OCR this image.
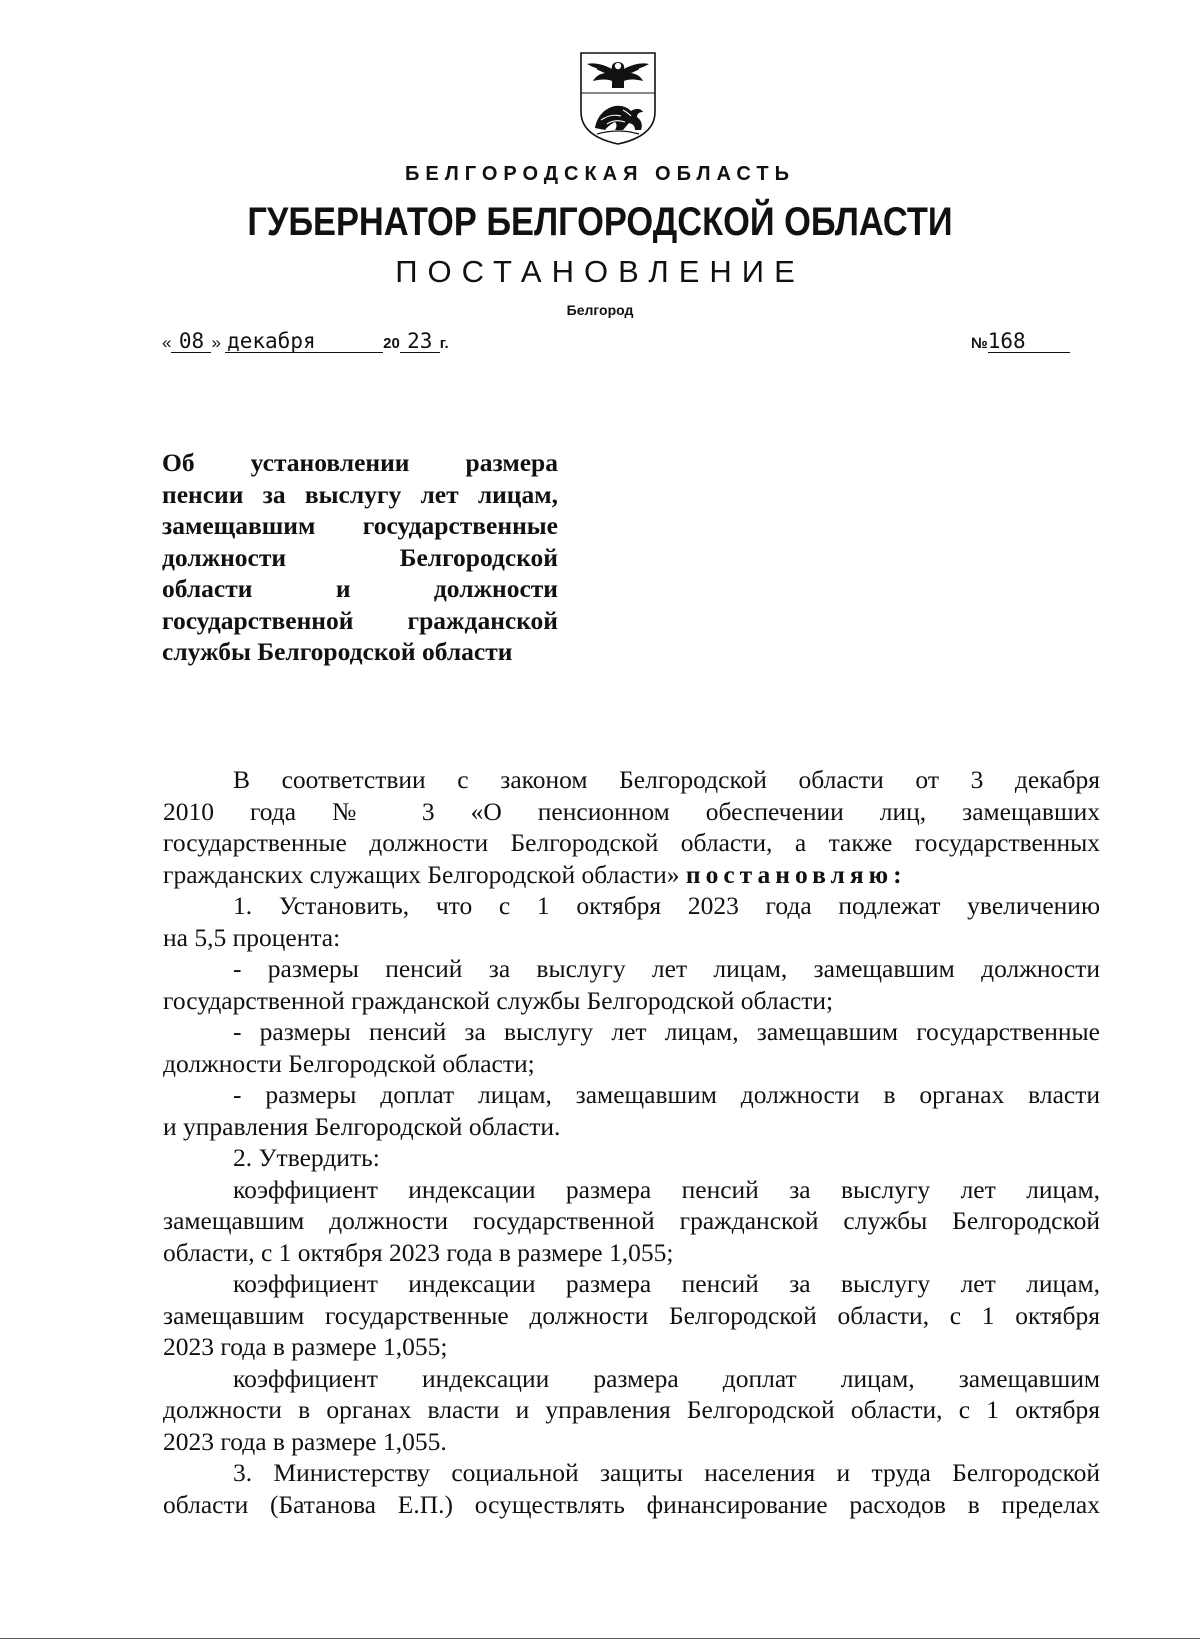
БЕЛГОРОДСКАЯ ОБЛАСТЬ
ГУБЕРНАТОР БЕЛГОРОДСКОЙ ОБЛАСТИ
ПОСТАНОВЛЕНИЕ
Белгород
« 08 » декабря	20 23 г.	№168
Об установлении размера
пенсии за выслугу лет лицам,
замещавшим государственные
должности Белгородской
области и должности
государственной гражданской
службы Белгородской области
В соответствии с законом Белгородской области от 3 декабря
2010 года № 3 «О пенсионном обеспечении лиц, замещавших
государственные должности Белгородской области, а также государственных
гражданских служащих Белгородской области» постановляю:
1. Установить, что с 1 октября 2023 года подлежат увеличению
на 5,5 процента:
- размеры пенсий за выслугу лет лицам, замещавшим должности
государственной гражданской службы Белгородской области;
- размеры пенсий за выслугу лет лицам, замещавшим государственные
должности Белгородской области;
- размеры доплат лицам, замещавшим должности в органах власти
и управления Белгородской области.
2. Утвердить:
коэффициент индексации размера пенсий за выслугу лет лицам,
замещавшим должности государственной гражданской службы Белгородской
области, с 1 октября 2023 года в размере 1,055;
коэффициент индексации размера пенсий за выслугу лет лицам,
замещавшим государственные должности Белгородской области, с 1 октября
2023 года в размере 1,055;
коэффициент индексации размера доплат лицам, замещавшим
должности в органах власти и управления Белгородской области, с 1 октября
2023 года в размере 1,055.
3. Министерству социальной защиты населения и труда Белгородской
области (Батанова Е.П.) осуществлять финансирование расходов в пределах
